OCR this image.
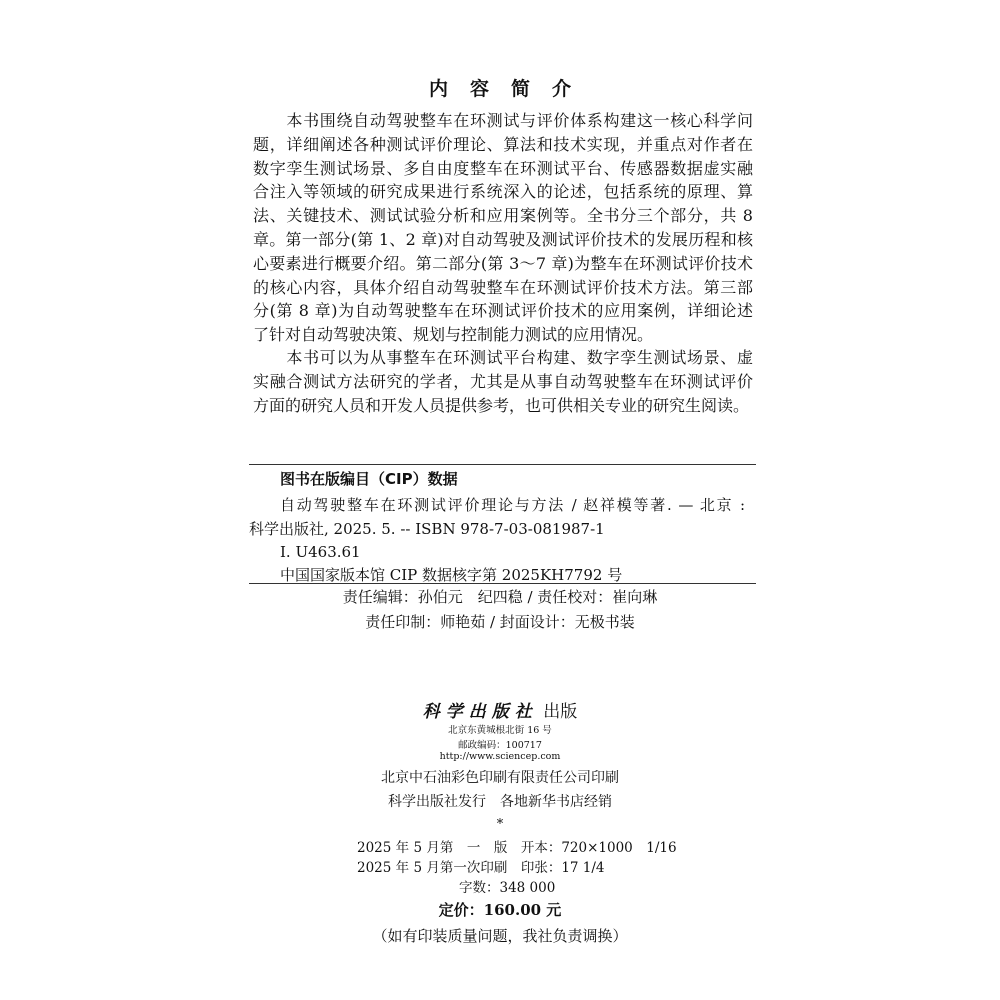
内容简介
　　本书围绕自动驾驶整车在环测试与评价体系构建这一核心科学问
题，详细阐述各种测试评价理论、算法和技术实现，并重点对作者在
数字孪生测试场景、多自由度整车在环测试平台、传感器数据虚实融
合注入等领域的研究成果进行系统深入的论述，包括系统的原理、算
法、关键技术、测试试验分析和应用案例等。全书分三个部分，共 8
章。第一部分(第 1、2 章)对自动驾驶及测试评价技术的发展历程和核
心要素进行概要介绍。第二部分(第 3～7 章)为整车在环测试评价技术
的核心内容，具体介绍自动驾驶整车在环测试评价技术方法。第三部
分(第 8 章)为自动驾驶整车在环测试评价技术的应用案例，详细论述
了针对自动驾驶决策、规划与控制能力测试的应用情况。
　　本书可以为从事整车在环测试平台构建、数字孪生测试场景、虚
实融合测试方法研究的学者，尤其是从事自动驾驶整车在环测试评价
方面的研究人员和开发人员提供参考，也可供相关专业的研究生阅读。
图书在版编目（CIP）数据
自动驾驶整车在环测试评价理论与方法 / 赵祥模等著. — 北京 :
科学出版社, 2025. 5. -- ISBN 978-7-03-081987-1
Ⅰ. U463.61
中国国家版本馆 CIP 数据核字第 2025KH7792 号
责任编辑：孙伯元　纪四稳 / 责任校对：崔向琳
责任印制：师艳茹 / 封面设计：无极书装
科学出版社 出版
北京东黄城根北街 16 号
邮政编码：100717
http://www.sciencep.com
北京中石油彩色印刷有限责任公司印刷
科学出版社发行　各地新华书店经销
*
2025 年 5 月第　一　版　开本：720×1000　1/16
2025 年 5 月第一次印刷　印张：17 1/4
字数：348 000
定价：160.00 元
（如有印装质量问题，我社负责调换）
